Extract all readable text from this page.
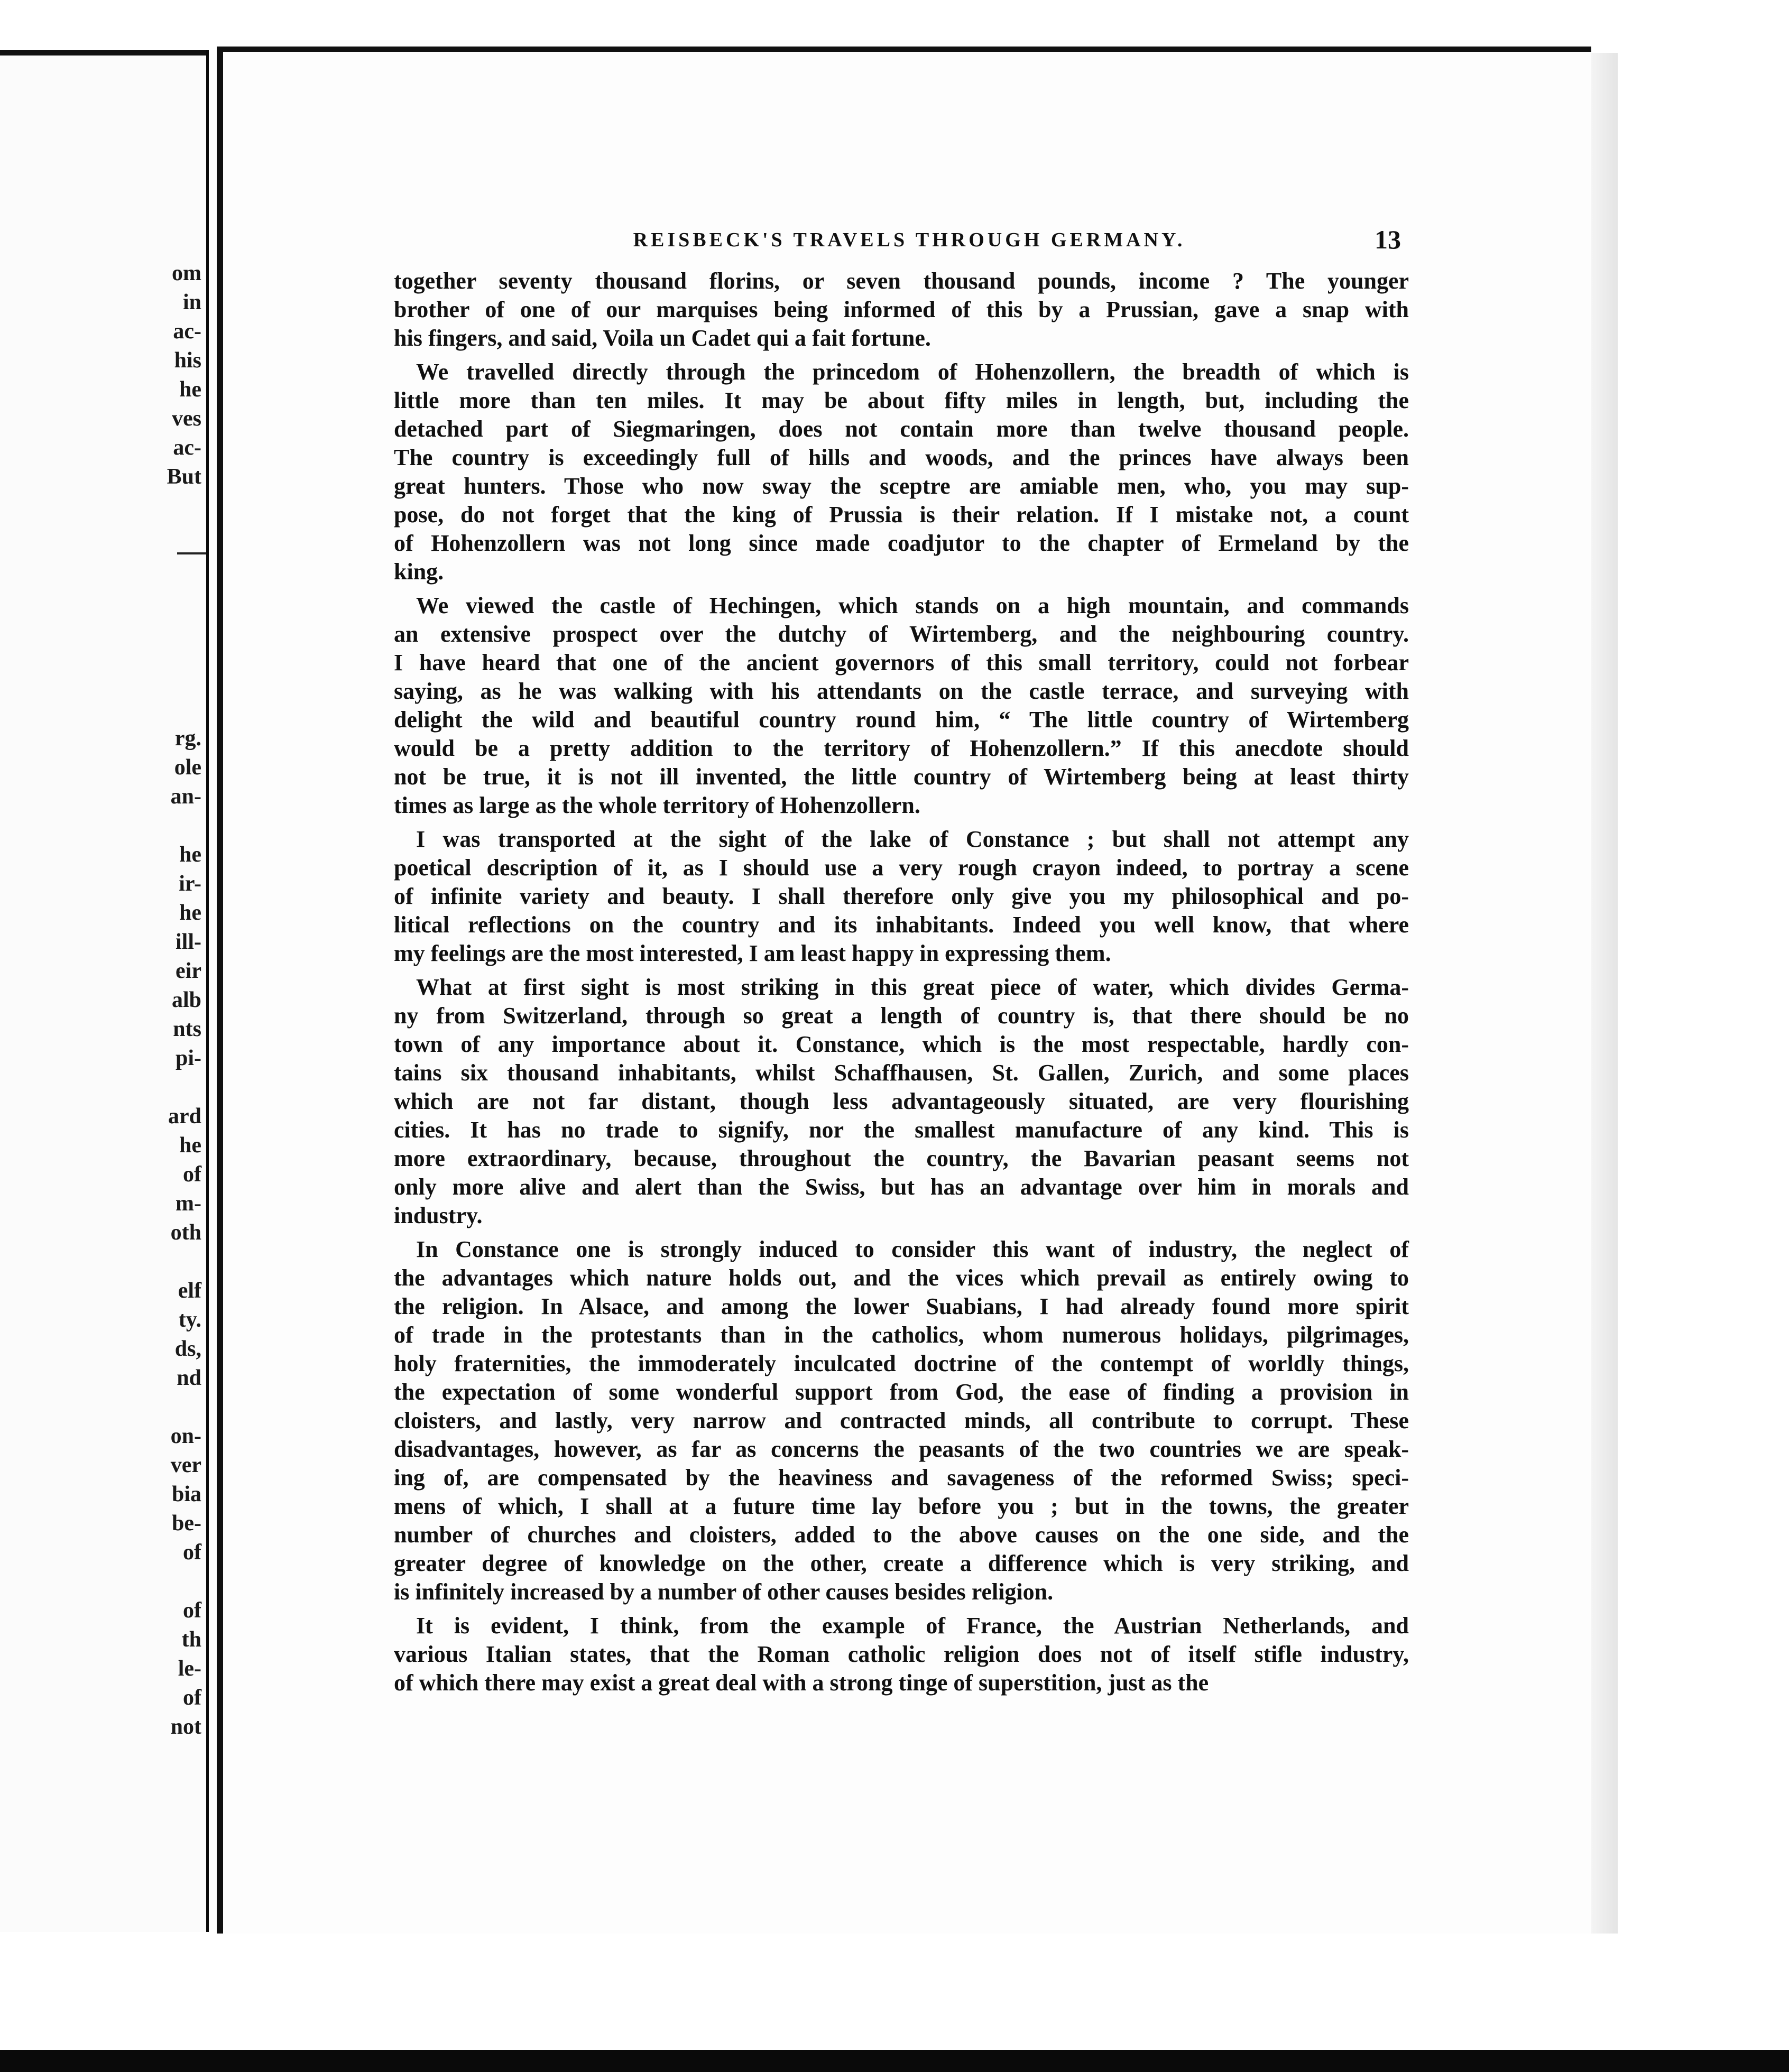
om
in
ac-
his
he
ves
ac-
But
rg.
ole
an-
he
ir-
he
ill-
eir
alb
nts
pi-
ard
he
of
m-
oth
elf
ty.
ds,
nd
on-
ver
bia
be-
of
of
th
le-
of
not
REISBECK'S TRAVELS THROUGH GERMANY.	13
together seventy thousand florins, or seven thousand pounds, income ? The younger
brother of one of our marquises being informed of this by a Prussian, gave a snap with
his fingers, and said, Voila un Cadet qui a fait fortune.
We travelled directly through the princedom of Hohenzollern, the breadth of which is
little more than ten miles. It may be about fifty miles in length, but, including the
detached part of Siegmaringen, does not contain more than twelve thousand people.
The country is exceedingly full of hills and woods, and the princes have always been
great hunters. Those who now sway the sceptre are amiable men, who, you may sup-
pose, do not forget that the king of Prussia is their relation. If I mistake not, a count
of Hohenzollern was not long since made coadjutor to the chapter of Ermeland by the
king.
We viewed the castle of Hechingen, which stands on a high mountain, and commands
an extensive prospect over the dutchy of Wirtemberg, and the neighbouring country.
I have heard that one of the ancient governors of this small territory, could not forbear
saying, as he was walking with his attendants on the castle terrace, and surveying with
delight the wild and beautiful country round him, “ The little country of Wirtemberg
would be a pretty addition to the territory of Hohenzollern.” If this anecdote should
not be true, it is not ill invented, the little country of Wirtemberg being at least thirty
times as large as the whole territory of Hohenzollern.
I was transported at the sight of the lake of Constance ; but shall not attempt any
poetical description of it, as I should use a very rough crayon indeed, to portray a scene
of infinite variety and beauty. I shall therefore only give you my philosophical and po-
litical reflections on the country and its inhabitants. Indeed you well know, that where
my feelings are the most interested, I am least happy in expressing them.
What at first sight is most striking in this great piece of water, which divides Germa-
ny from Switzerland, through so great a length of country is, that there should be no
town of any importance about it. Constance, which is the most respectable, hardly con-
tains six thousand inhabitants, whilst Schaffhausen, St. Gallen, Zurich, and some places
which are not far distant, though less advantageously situated, are very flourishing
cities. It has no trade to signify, nor the smallest manufacture of any kind. This is
more extraordinary, because, throughout the country, the Bavarian peasant seems not
only more alive and alert than the Swiss, but has an advantage over him in morals and
industry.
In Constance one is strongly induced to consider this want of industry, the neglect of
the advantages which nature holds out, and the vices which prevail as entirely owing to
the religion. In Alsace, and among the lower Suabians, I had already found more spirit
of trade in the protestants than in the catholics, whom numerous holidays, pilgrimages,
holy fraternities, the immoderately inculcated doctrine of the contempt of worldly things,
the expectation of some wonderful support from God, the ease of finding a provision in
cloisters, and lastly, very narrow and contracted minds, all contribute to corrupt. These
disadvantages, however, as far as concerns the peasants of the two countries we are speak-
ing of, are compensated by the heaviness and savageness of the reformed Swiss; speci-
mens of which, I shall at a future time lay before you ; but in the towns, the greater
number of churches and cloisters, added to the above causes on the one side, and the
greater degree of knowledge on the other, create a difference which is very striking, and
is infinitely increased by a number of other causes besides religion.
It is evident, I think, from the example of France, the Austrian Netherlands, and
various Italian states, that the Roman catholic religion does not of itself stifle industry,
of which there may exist a great deal with a strong tinge of superstition, just as the
